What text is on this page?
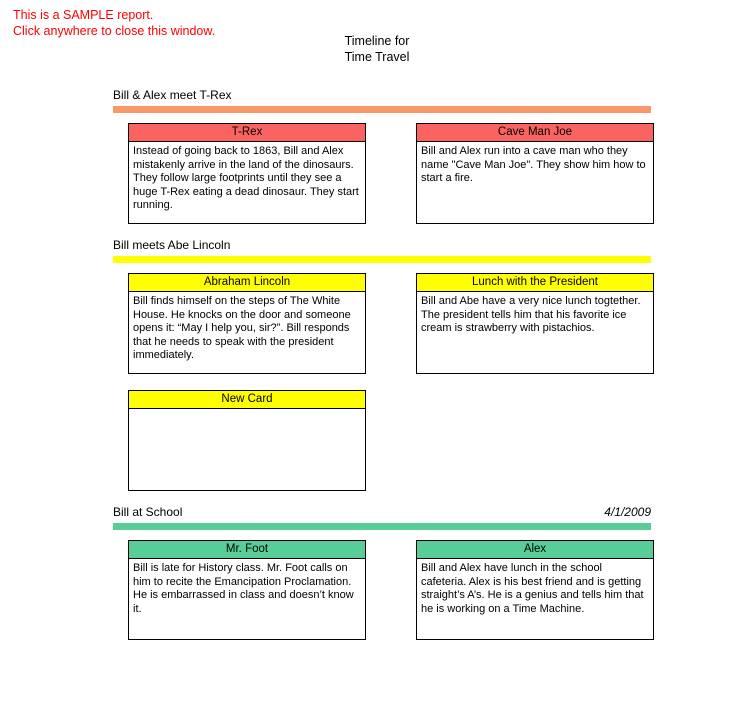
This is a SAMPLE report.
Click anywhere to close this window.
Timeline for
Time Travel
Bill & Alex meet T-Rex
T-Rex
Instead of going back to 1863, Bill and Alex mistakenly arrive in the land of the dinosaurs. They follow large footprints until they see a huge T-Rex eating a dead dinosaur. They start running.
Cave Man Joe
Bill and Alex run into a cave man who they name "Cave Man Joe". They show him how to start a fire.
Bill meets Abe Lincoln
Abraham Lincoln
Bill finds himself on the steps of The White House. He knocks on the door and someone opens it: “May I help you, sir?”. Bill responds that he needs to speak with the president immediately.
Lunch with the President
Bill and Abe have a very nice lunch togtether. The president tells him that his favorite ice cream is strawberry with pistachios.
New Card
Bill at School	4/1/2009
Mr. Foot
Bill is late for History class. Mr. Foot calls on him to recite the Emancipation Proclamation. He is embarrassed in class and doesn’t know it.
Alex
Bill and Alex have lunch in the school cafeteria. Alex is his best friend and is getting straight’s A’s. He is a genius and tells him that he is working on a Time Machine.
